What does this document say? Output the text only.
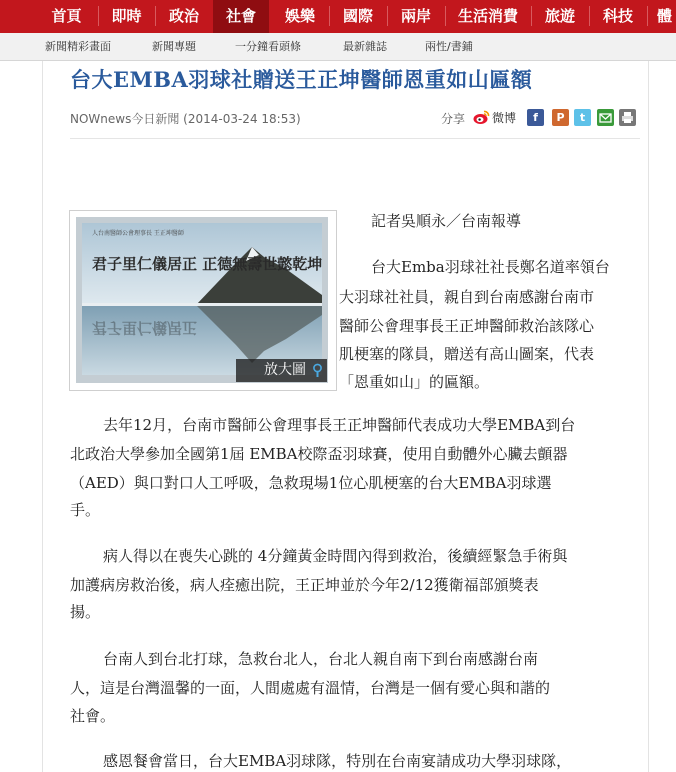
首頁	即時	政治	社會	娛樂	國際	兩岸	生活消費	旅遊	科技	體
新聞精彩畫面	新聞專題	一分鐘看頭條	最新雜誌	兩性/書鋪
台大EMBA羽球社贈送王正坤醫師恩重如山匾額
NOWnews今日新聞 (2014-03-24 18:53)	分享 微博	f	P	t
人台南醫師公會理事長 王正坤醫師
君子里仁儀居正 正德無壽世懿乾坤
君子里仁儀居正
放大圖
記者吳順永／台南報導
台大Emba羽球社社長鄭名道率領台
大羽球社社員，親自到台南感謝台南市
醫師公會理事長王正坤醫師救治該隊心
肌梗塞的隊員，贈送有高山圖案，代表
「恩重如山」的匾額。
去年12月，台南市醫師公會理事長王正坤醫師代表成功大學EMBA到台
北政治大學參加全國第1屆 EMBA校際盃羽球賽，使用自動體外心臟去顫器
（AED）與口對口人工呼吸，急救現場1位心肌梗塞的台大EMBA羽球選
手。
病人得以在喪失心跳的 4分鐘黃金時間內得到救治，後續經緊急手術與
加護病房救治後，病人痊癒出院，王正坤並於今年2/12獲衛福部頒獎表
揚。
台南人到台北打球，急救台北人，台北人親自南下到台南感謝台南
人，這是台灣溫馨的一面，人間處處有溫情，台灣是一個有愛心與和諧的
社會。
感恩餐會當日，台大EMBA羽球隊，特別在台南宴請成功大學羽球隊，
